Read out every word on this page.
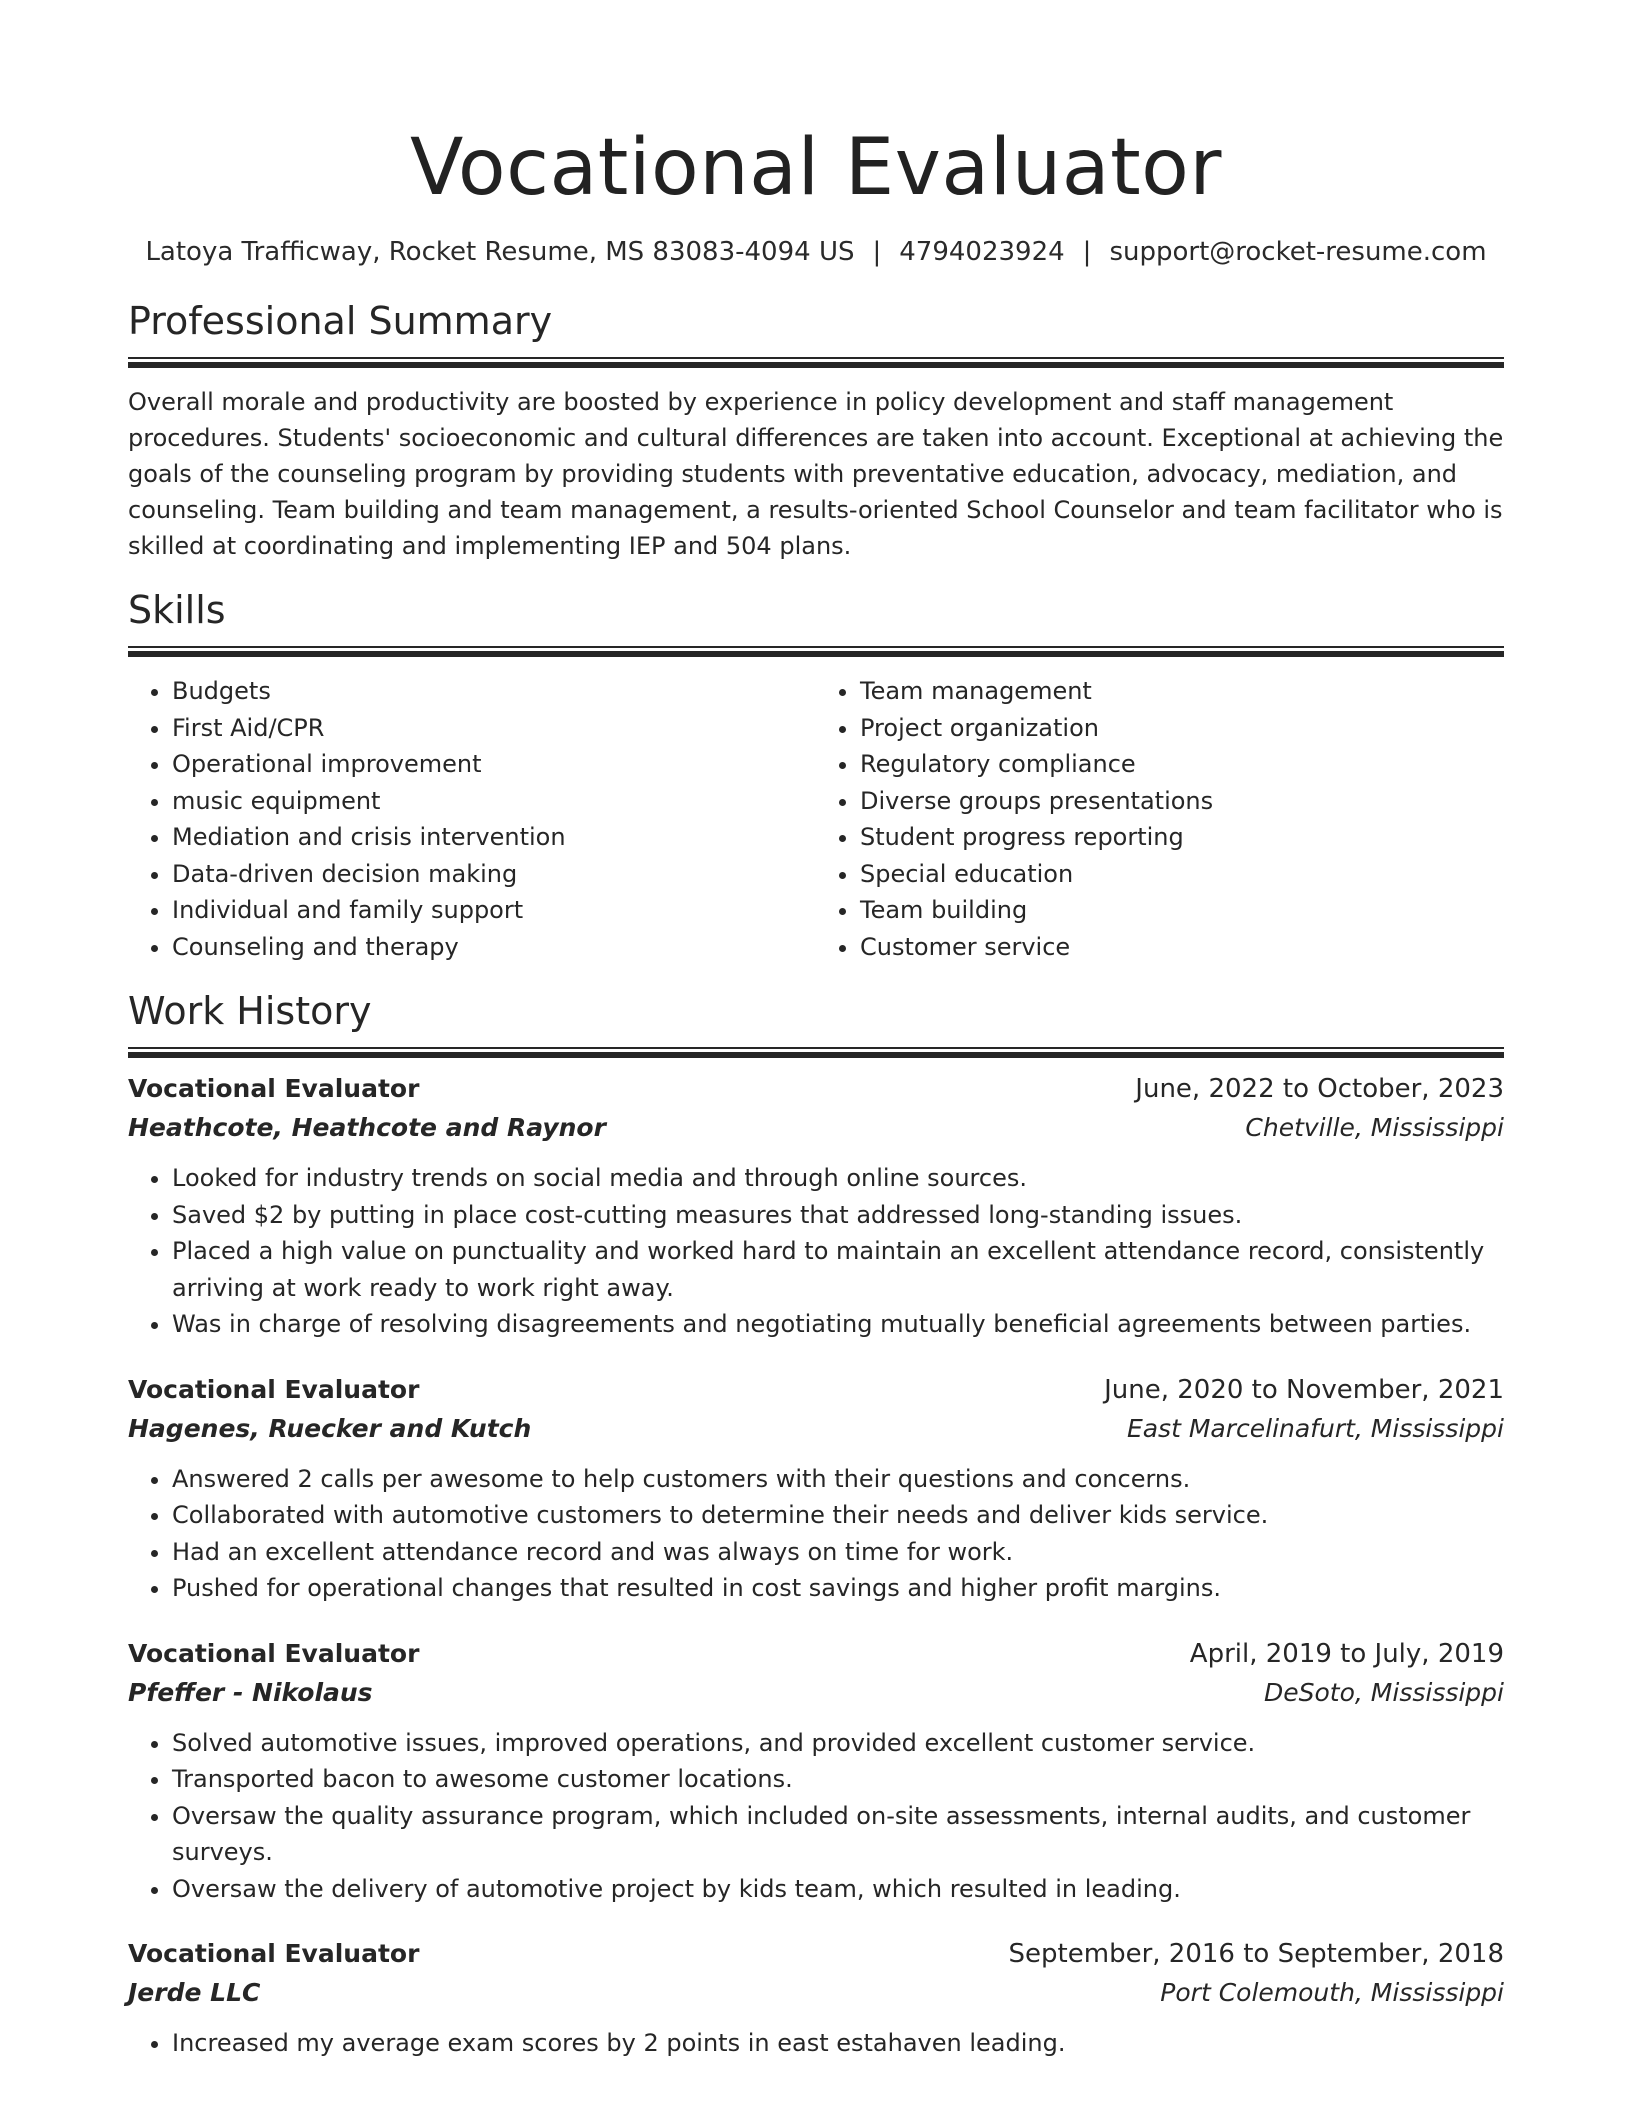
Vocational Evaluator
Latoya Trafficway, Rocket Resume, MS 83083-4094 US | 4794023924 | support@rocket-resume.com
Professional Summary

Overall morale and productivity are boosted by experience in policy development and staff management procedures. Students' socioeconomic and cultural differences are taken into account. Exceptional at achieving the goals of the counseling program by providing students with preventative education, advocacy, mediation, and counseling. Team building and team management, a results-oriented School Counselor and team facilitator who is skilled at coordinating and implementing IEP and 504 plans.

Skills
• Budgets
• First Aid/CPR
• Operational improvement
• music equipment
• Mediation and crisis intervention
• Data-driven decision making
• Individual and family support
• Counseling and therapy
• Team management
• Project organization
• Regulatory compliance
• Diverse groups presentations
• Student progress reporting
• Special education
• Team building
• Customer service
Work History
Vocational Evaluator	June, 2022 to October, 2023
Heathcote, Heathcote and Raynor	Chetville, Mississippi
• Looked for industry trends on social media and through online sources.
• Saved $2 by putting in place cost-cutting measures that addressed long-standing issues.
• Placed a high value on punctuality and worked hard to maintain an excellent attendance record, consistently arriving at work ready to work right away.
• Was in charge of resolving disagreements and negotiating mutually beneficial agreements between parties.
Vocational Evaluator	June, 2020 to November, 2021
Hagenes, Ruecker and Kutch	East Marcelinafurt, Mississippi
• Answered 2 calls per awesome to help customers with their questions and concerns.
• Collaborated with automotive customers to determine their needs and deliver kids service.
• Had an excellent attendance record and was always on time for work.
• Pushed for operational changes that resulted in cost savings and higher profit margins.
Vocational Evaluator	April, 2019 to July, 2019
Pfeffer - Nikolaus	DeSoto, Mississippi
• Solved automotive issues, improved operations, and provided excellent customer service.
• Transported bacon to awesome customer locations.
• Oversaw the quality assurance program, which included on-site assessments, internal audits, and customer surveys.
• Oversaw the delivery of automotive project by kids team, which resulted in leading.
Vocational Evaluator	September, 2016 to September, 2018
Jerde LLC	Port Colemouth, Mississippi
• Increased my average exam scores by 2 points in east estahaven leading.
